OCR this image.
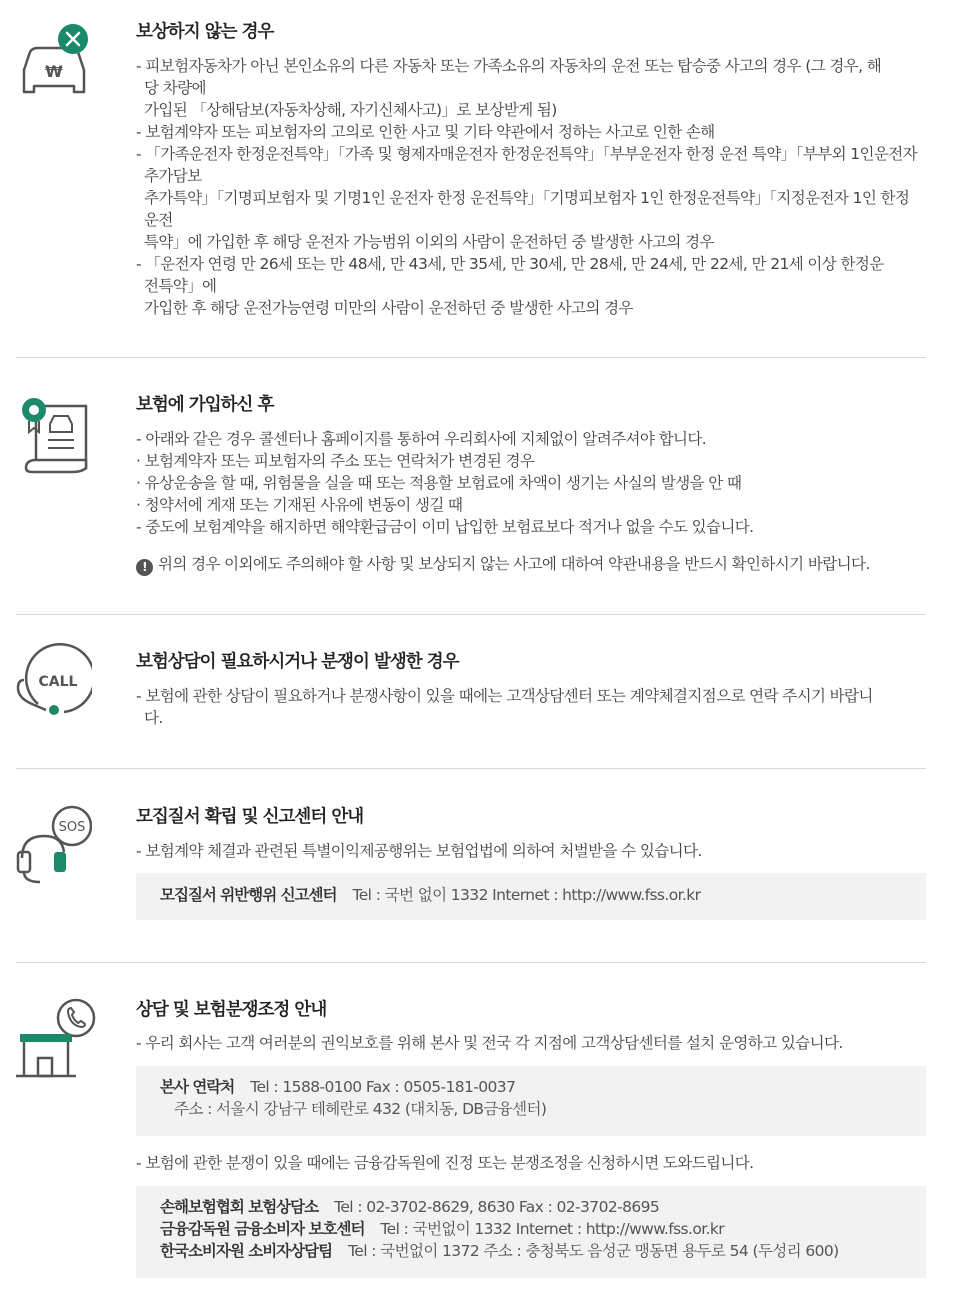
₩
보상하지 않는 경우
- 피보험자동차가 아닌 본인소유의 다른 자동차 또는 가족소유의 자동차의 운전 또는 탑승중 사고의 경우 (그 경우, 해
당 차량에
가입된 「상해담보(자동차상해, 자기신체사고)」로 보상받게 됨)
- 보험계약자 또는 피보험자의 고의로 인한 사고 및 기타 약관에서 정하는 사고로 인한 손해
- 「가족운전자 한정운전특약」「가족 및 형제자매운전자 한정운전특약」「부부운전자 한정 운전 특약」「부부외 1인운전자
추가담보
추가특약」「기명피보험자 및 기명1인 운전자 한정 운전특약」「기명피보험자 1인 한정운전특약」「지정운전자 1인 한정
운전
특약」에 가입한 후 해당 운전자 가능범위 이외의 사람이 운전하던 중 발생한 사고의 경우
- 「운전자 연령 만 26세 또는 만 48세, 만 43세, 만 35세, 만 30세, 만 28세, 만 24세, 만 22세, 만 21세 이상 한정운
전특약」에
가입한 후 해당 운전가능연령 미만의 사람이 운전하던 중 발생한 사고의 경우
보험에 가입하신 후
- 아래와 같은 경우 콜센터나 홈페이지를 통하여 우리회사에 지체없이 알려주셔야 합니다.
· 보험계약자 또는 피보험자의 주소 또는 연락처가 변경된 경우
· 유상운송을 할 때, 위험물을 실을 때 또는 적용할 보험료에 차액이 생기는 사실의 발생을 안 때
· 청약서에 게재 또는 기재된 사유에 변동이 생길 때
- 중도에 보험계약을 해지하면 해약환급금이 이미 납입한 보험료보다 적거나 없을 수도 있습니다.
! 위의 경우 이외에도 주의해야 할 사항 및 보상되지 않는 사고에 대하여 약관내용을 반드시 확인하시기 바랍니다.
CALL
보험상담이 필요하시거나 분쟁이 발생한 경우
- 보험에 관한 상담이 필요하거나 분쟁사항이 있을 때에는 고객상담센터 또는 계약체결지점으로 연락 주시기 바랍니
다.
SOS
모집질서 확립 및 신고센터 안내
- 보험계약 체결과 관련된 특별이익제공행위는 보험업법에 의하여 처벌받을 수 있습니다.
모집질서 위반행위 신고센터 Tel : 국번 없이 1332 Internet : http://www.fss.or.kr
상담 및 보험분쟁조정 안내
- 우리 회사는 고객 여러분의 권익보호를 위해 본사 및 전국 각 지점에 고객상담센터를 설치 운영하고 있습니다.
본사 연락처 Tel : 1588-0100 Fax : 0505-181-0037
주소 : 서울시 강남구 테헤란로 432 (대치동, DB금융센터)
- 보험에 관한 분쟁이 있을 때에는 금융감독원에 진정 또는 분쟁조정을 신청하시면 도와드립니다.
손해보험협회 보험상담소 Tel : 02-3702-8629, 8630 Fax : 02-3702-8695
금융감독원 금융소비자 보호센터 Tel : 국번없이 1332 Internet : http://www.fss.or.kr
한국소비자원 소비자상담팀 Tel : 국번없이 1372 주소 : 충청북도 음성군 맹동면 용두로 54 (두성리 600)
